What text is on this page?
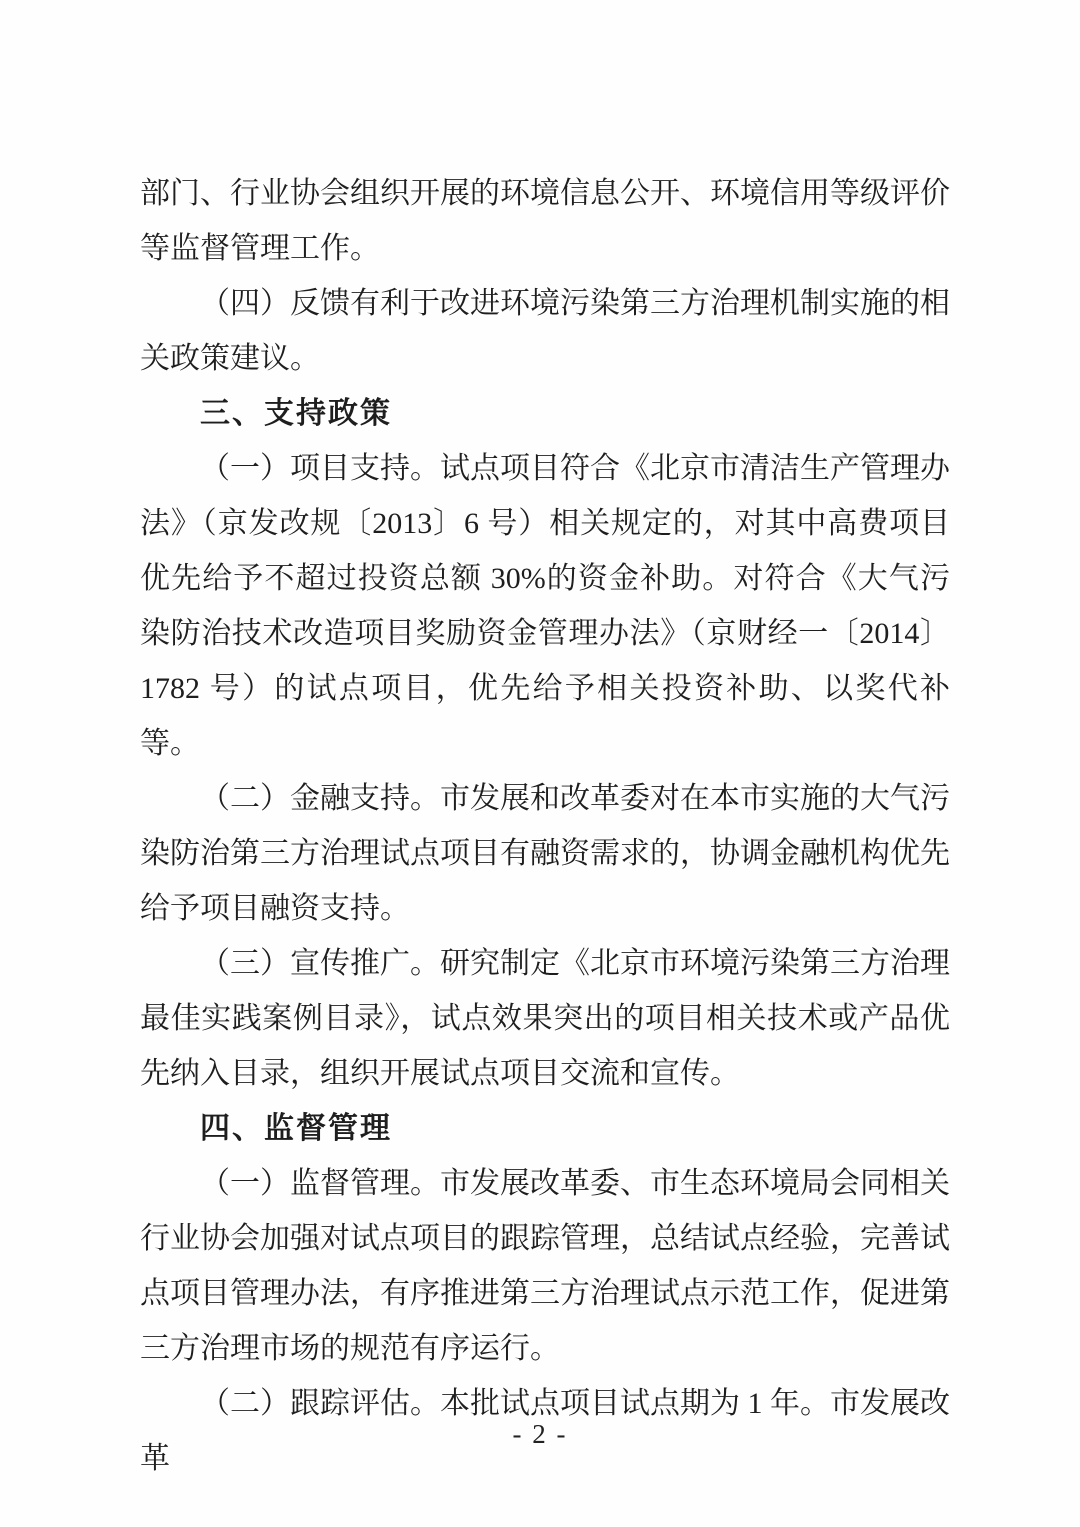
部门、行业协会组织开展的环境信息公开、环境信用等级评价等监督管理工作。

（四）反馈有利于改进环境污染第三方治理机制实施的相关政策建议。

三、支持政策

（一）项目支持。试点项目符合《北京市清洁生产管理办法》（京发改规〔2013〕6 号）相关规定的，对其中高费项目优先给予不超过投资总额 30%的资金补助。对符合《大气污染防治技术改造项目奖励资金管理办法》（京财经一〔2014〕1782 号）的试点项目，优先给予相关投资补助、以奖代补等。

（二）金融支持。市发展和改革委对在本市实施的大气污染防治第三方治理试点项目有融资需求的，协调金融机构优先给予项目融资支持。

（三）宣传推广。研究制定《北京市环境污染第三方治理最佳实践案例目录》，试点效果突出的项目相关技术或产品优先纳入目录，组织开展试点项目交流和宣传。

四、监督管理

（一）监督管理。市发展改革委、市生态环境局会同相关行业协会加强对试点项目的跟踪管理，总结试点经验，完善试点项目管理办法，有序推进第三方治理试点示范工作，促进第三方治理市场的规范有序运行。

（二）跟踪评估。本批试点项目试点期为 1 年。市发展改革

- 2 -
